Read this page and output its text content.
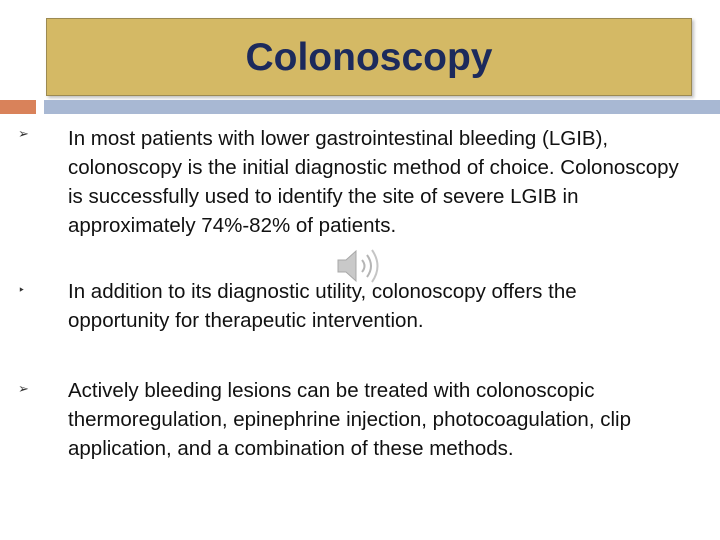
Colonoscopy
➢ In most patients with lower gastrointestinal bleeding (LGIB), colonoscopy is the initial diagnostic method of choice. Colonoscopy is successfully used to identify the site of severe LGIB in approximately 74%-82% of patients.
‣ In addition to its diagnostic utility, colonoscopy offers the opportunity for therapeutic intervention.
➢ Actively bleeding lesions can be treated with colonoscopic thermoregulation, epinephrine injection, photocoagulation, clip application, and a combination of these methods.
